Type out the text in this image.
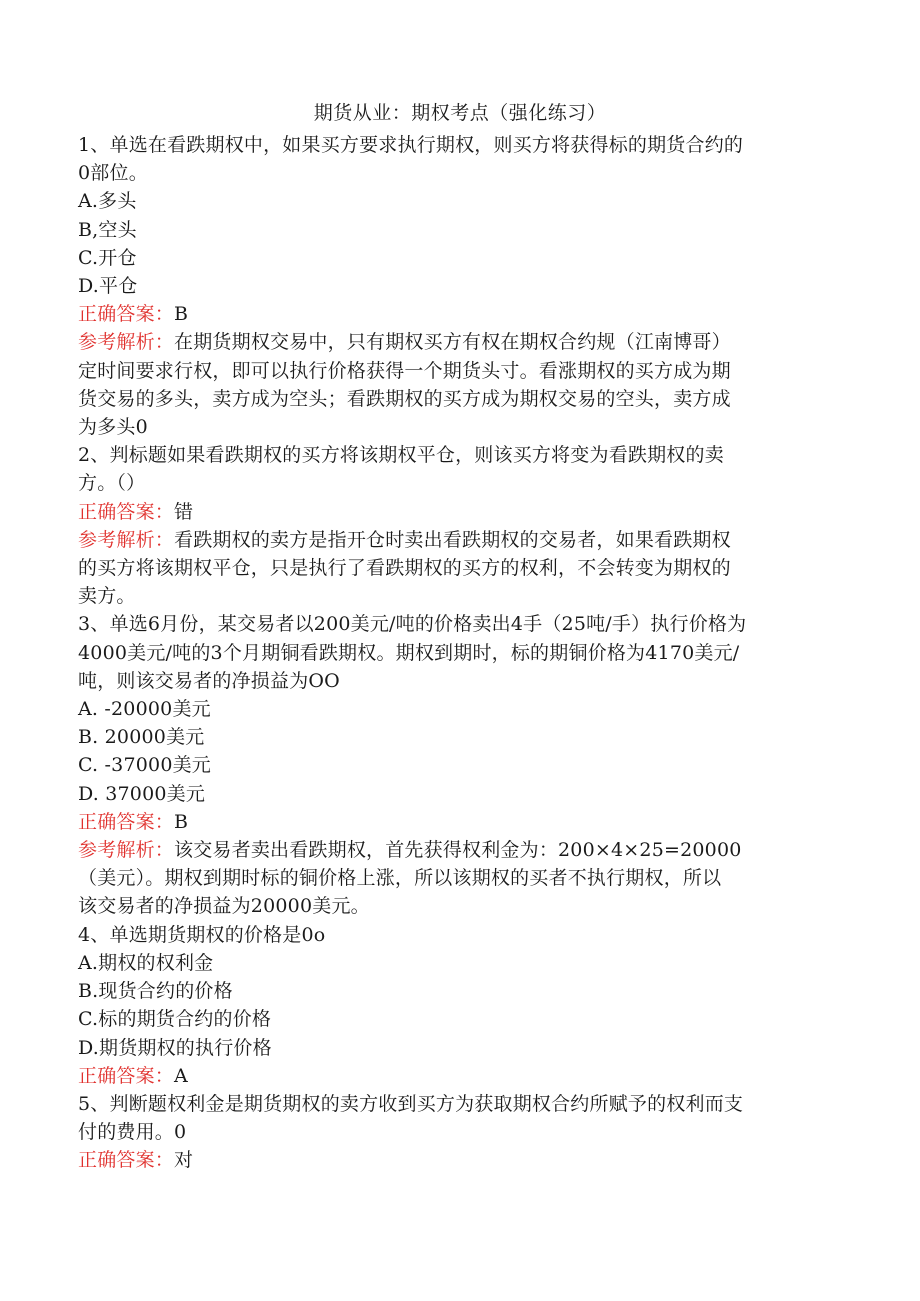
期货从业：期权考点（强化练习）
1、单选在看跌期权中，如果买方要求执行期权，则买方将获得标的期货合约的
0部位。
A.多头
B,空头
C.开仓
D.平仓
正确答案：B
参考解析：在期货期权交易中，只有期权买方有权在期权合约规（江南博哥）
定时间要求行权，即可以执行价格获得一个期货头寸。看涨期权的买方成为期
货交易的多头，卖方成为空头；看跌期权的买方成为期权交易的空头，卖方成
为多头0
2、判标题如果看跌期权的买方将该期权平仓，则该买方将变为看跌期权的卖
方。（）
正确答案：错
参考解析：看跌期权的卖方是指开仓时卖出看跌期权的交易者，如果看跌期权
的买方将该期权平仓，只是执行了看跌期权的买方的权利，不会转变为期权的
卖方。
3、单选6月份，某交易者以200美元/吨的价格卖出4手（25吨/手）执行价格为
4000美元/吨的3个月期铜看跌期权。期权到期时，标的期铜价格为4170美元/
吨，则该交易者的净损益为OO
A. -20000美元
B. 20000美元
C. -37000美元
D. 37000美元
正确答案：B
参考解析：该交易者卖出看跌期权，首先获得权利金为：200×4×25=20000
（美元）。期权到期时标的铜价格上涨，所以该期权的买者不执行期权，所以
该交易者的净损益为20000美元。
4、单选期货期权的价格是0o
A.期权的权利金
B.现货合约的价格
C.标的期货合约的价格
D.期货期权的执行价格
正确答案：A
5、判断题权利金是期货期权的卖方收到买方为获取期权合约所赋予的权利而支
付的费用。0
正确答案：对
